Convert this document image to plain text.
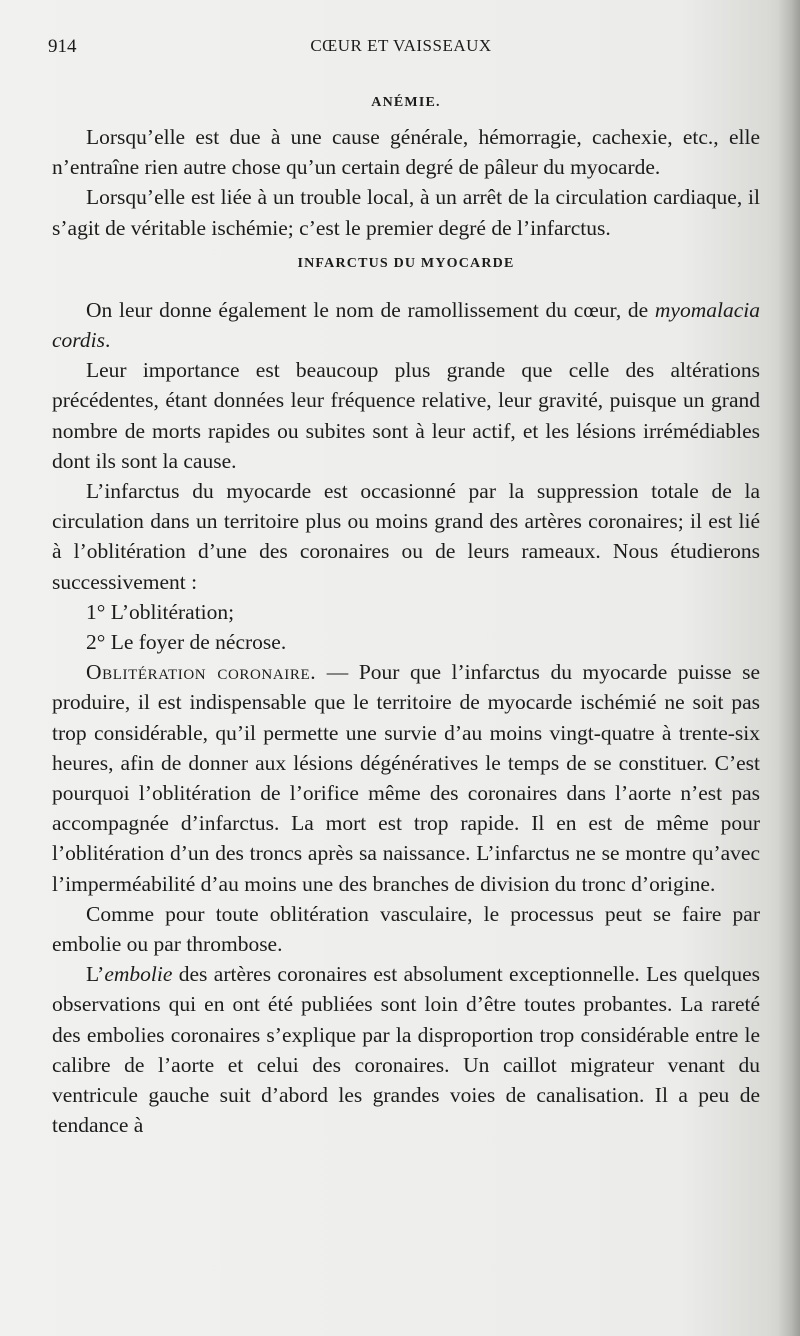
914	CŒUR ET VAISSEAUX
ANÉMIE.

Lorsqu’elle est due à une cause générale, hémorragie, cachexie, etc., elle n’entraîne rien autre chose qu’un certain degré de pâleur du myocarde.

Lorsqu’elle est liée à un trouble local, à un arrêt de la circulation cardiaque, il s’agit de véritable ischémie; c’est le premier degré de l’infarctus.

INFARCTUS DU MYOCARDE

On leur donne également le nom de ramollissement du cœur, de myomalacia cordis.

Leur importance est beaucoup plus grande que celle des altérations précédentes, étant données leur fréquence relative, leur gravité, puisque un grand nombre de morts rapides ou subites sont à leur actif, et les lésions irrémédiables dont ils sont la cause.

L’infarctus du myocarde est occasionné par la suppression totale de la circulation dans un territoire plus ou moins grand des artères coronaires; il est lié à l’oblitération d’une des coronaires ou de leurs rameaux. Nous étudierons successivement :

1° L’oblitération;
2° Le foyer de nécrose.

Oblitération coronaire. — Pour que l’infarctus du myocarde puisse se produire, il est indispensable que le territoire de myocarde ischémié ne soit pas trop considérable, qu’il permette une survie d’au moins vingt-quatre à trente-six heures, afin de donner aux lésions dégénératives le temps de se constituer. C’est pourquoi l’oblitération de l’orifice même des coronaires dans l’aorte n’est pas accompagnée d’infarctus. La mort est trop rapide. Il en est de même pour l’oblitération d’un des troncs après sa naissance. L’infarctus ne se montre qu’avec l’imperméabilité d’au moins une des branches de division du tronc d’origine.

Comme pour toute oblitération vasculaire, le processus peut se faire par embolie ou par thrombose.

L’embolie des artères coronaires est absolument exceptionnelle. Les quelques observations qui en ont été publiées sont loin d’être toutes probantes. La rareté des embolies coronaires s’explique par la disproportion trop considérable entre le calibre de l’aorte et celui des coronaires. Un caillot migrateur venant du ventricule gauche suit d’abord les grandes voies de canalisation. Il a peu de tendance à
